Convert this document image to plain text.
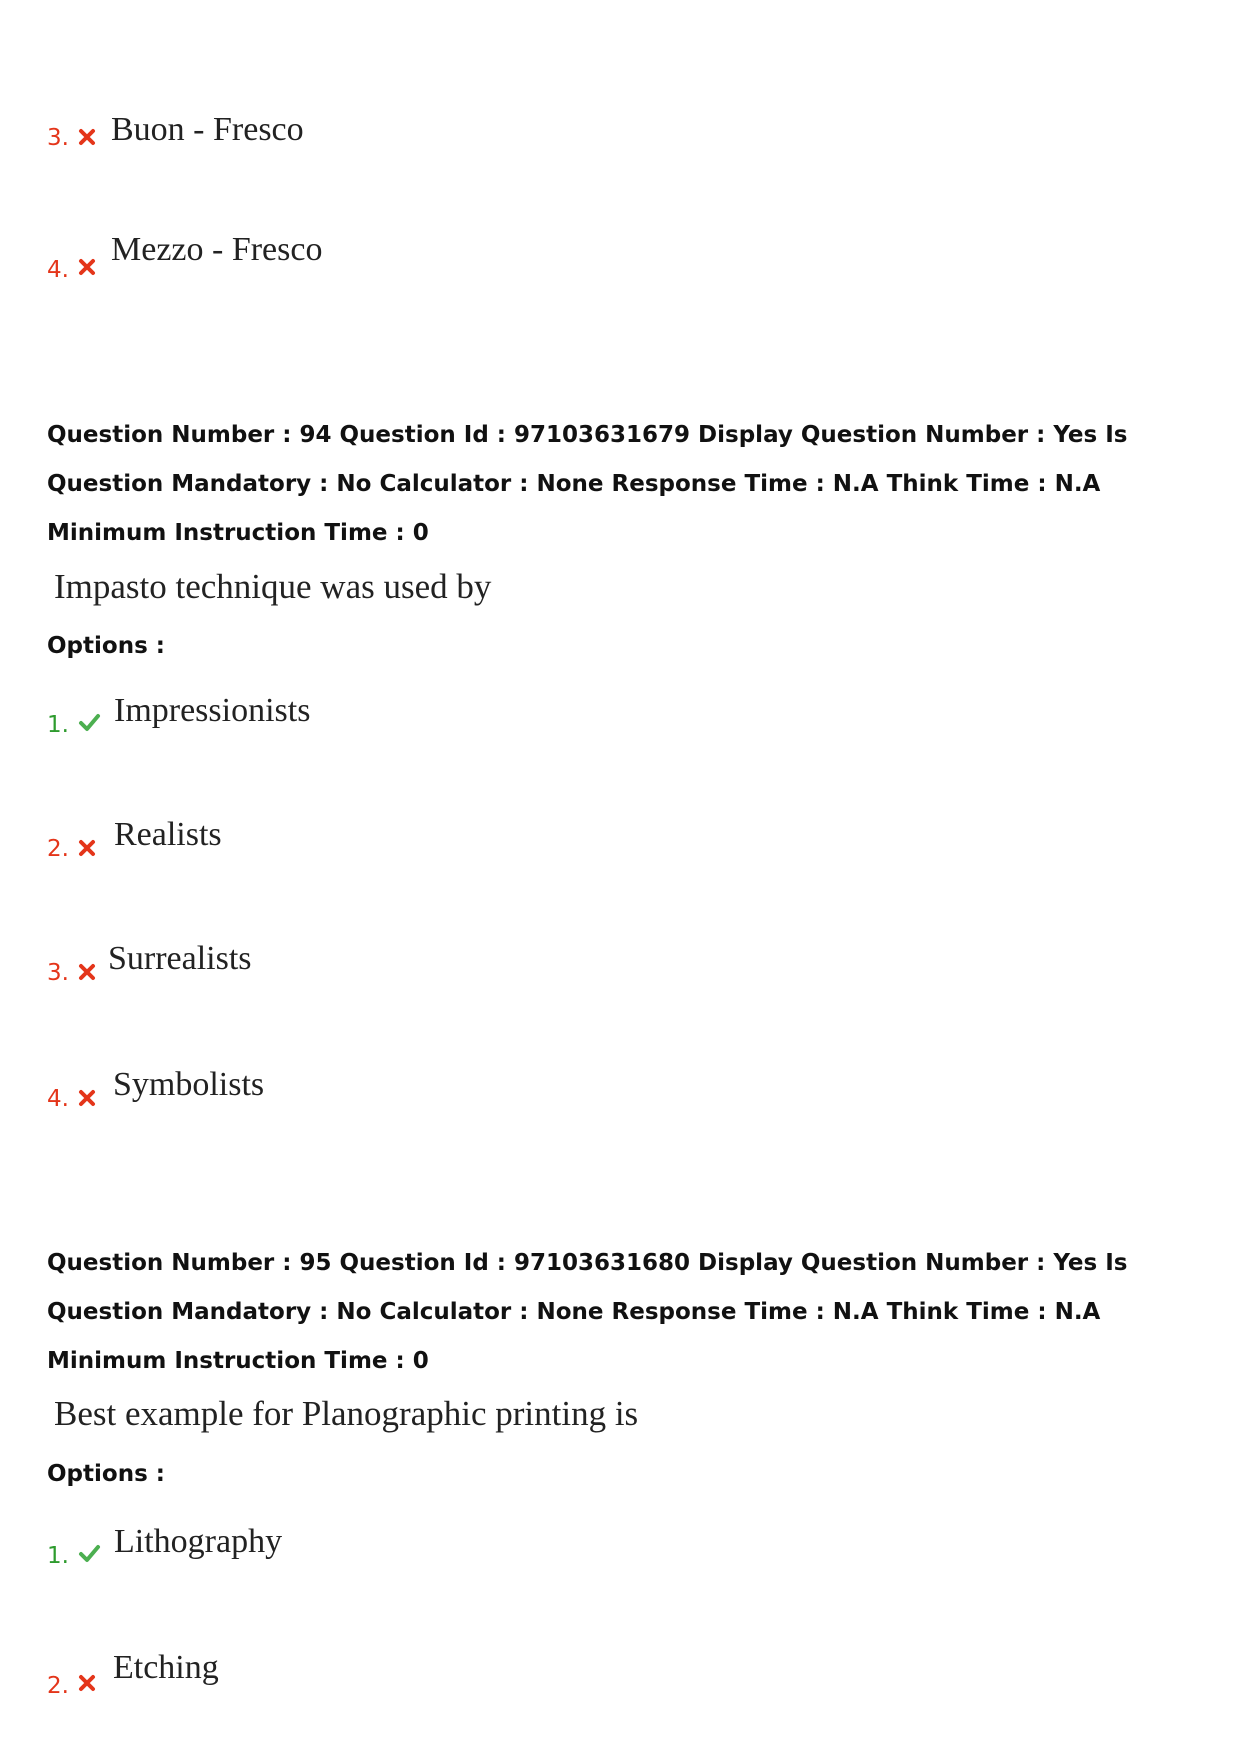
3. Buon - Fresco
4.
Mezzo - Fresco

Question Number : 94 Question Id : 97103631679 Display Question Number : Yes Is Question Mandatory : No Calculator : None Response Time : N.A Think Time : N.A Minimum Instruction Time : 0

Impasto technique was used by
Options :
1. Impressionists
2. Realists
3. Surrealists
4. Symbolists

Question Number : 95 Question Id : 97103631680 Display Question Number : Yes Is Question Mandatory : No Calculator : None Response Time : N.A Think Time : N.A Minimum Instruction Time : 0

Best example for Planographic printing is
Options :
1. Lithography
2. Etching
